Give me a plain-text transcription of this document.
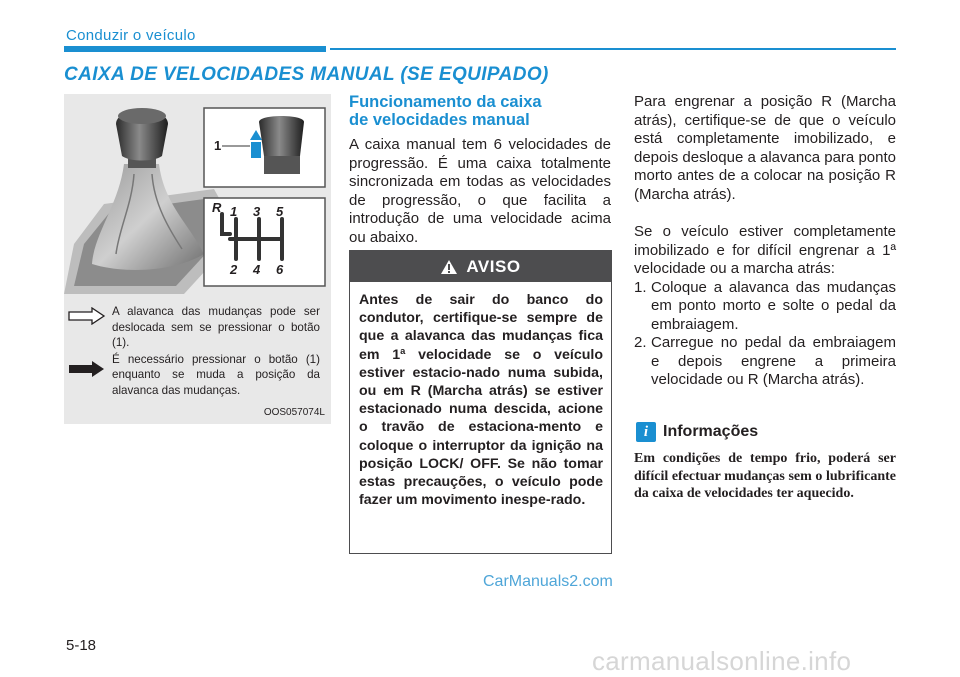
Conduzir o veículo
CAIXA DE VELOCIDADES MANUAL (SE EQUIPADO)
1
R 1 3 5
2 4 6

A alavanca das mudanças pode ser deslocada sem se pressionar o botão (1).

É necessário pressionar o botão (1) enquanto se muda a posição da alavanca das mudanças.

OOS057074L
Funcionamento da caixa
de velocidades manual
A caixa manual tem 6 velocidades de progressão. É uma caixa totalmente sincronizada em todas as velocidades de progressão, o que facilita a introdução de uma velocidade acima ou abaixo.
AVISO
Antes de sair do banco do condutor, certifique-se sempre de que a alavanca das mudanças fica em 1ª velocidade se o veículo estiver estacio-nado numa subida, ou em R (Marcha atrás) se estiver estacionado numa descida, acione o travão de estaciona-mento e coloque o interruptor da ignição na posição LOCK/ OFF. Se não tomar estas precauções, o veículo pode fazer um movimento inespe-rado.

Para engrenar a posição R (Marcha atrás), certifique-se de que o veículo está completamente imobilizado, e depois desloque a alavanca para ponto morto antes de a colocar na posição R (Marcha atrás).

Se o veículo estiver completamente imobilizado e for difícil engrenar a 1ª velocidade ou a marcha atrás:

1. Coloque a alavanca das mudanças em ponto morto e solte o pedal da embraiagem.
2. Carregue no pedal da embraiagem e depois engrene a primeira velocidade ou R (Marcha atrás).
i Informações
Em condições de tempo frio, poderá ser difícil efectuar mudanças sem o lubrificante da caixa de velocidades ter aquecido.
CarManuals2.com
5-18
carmanualsonline.info
